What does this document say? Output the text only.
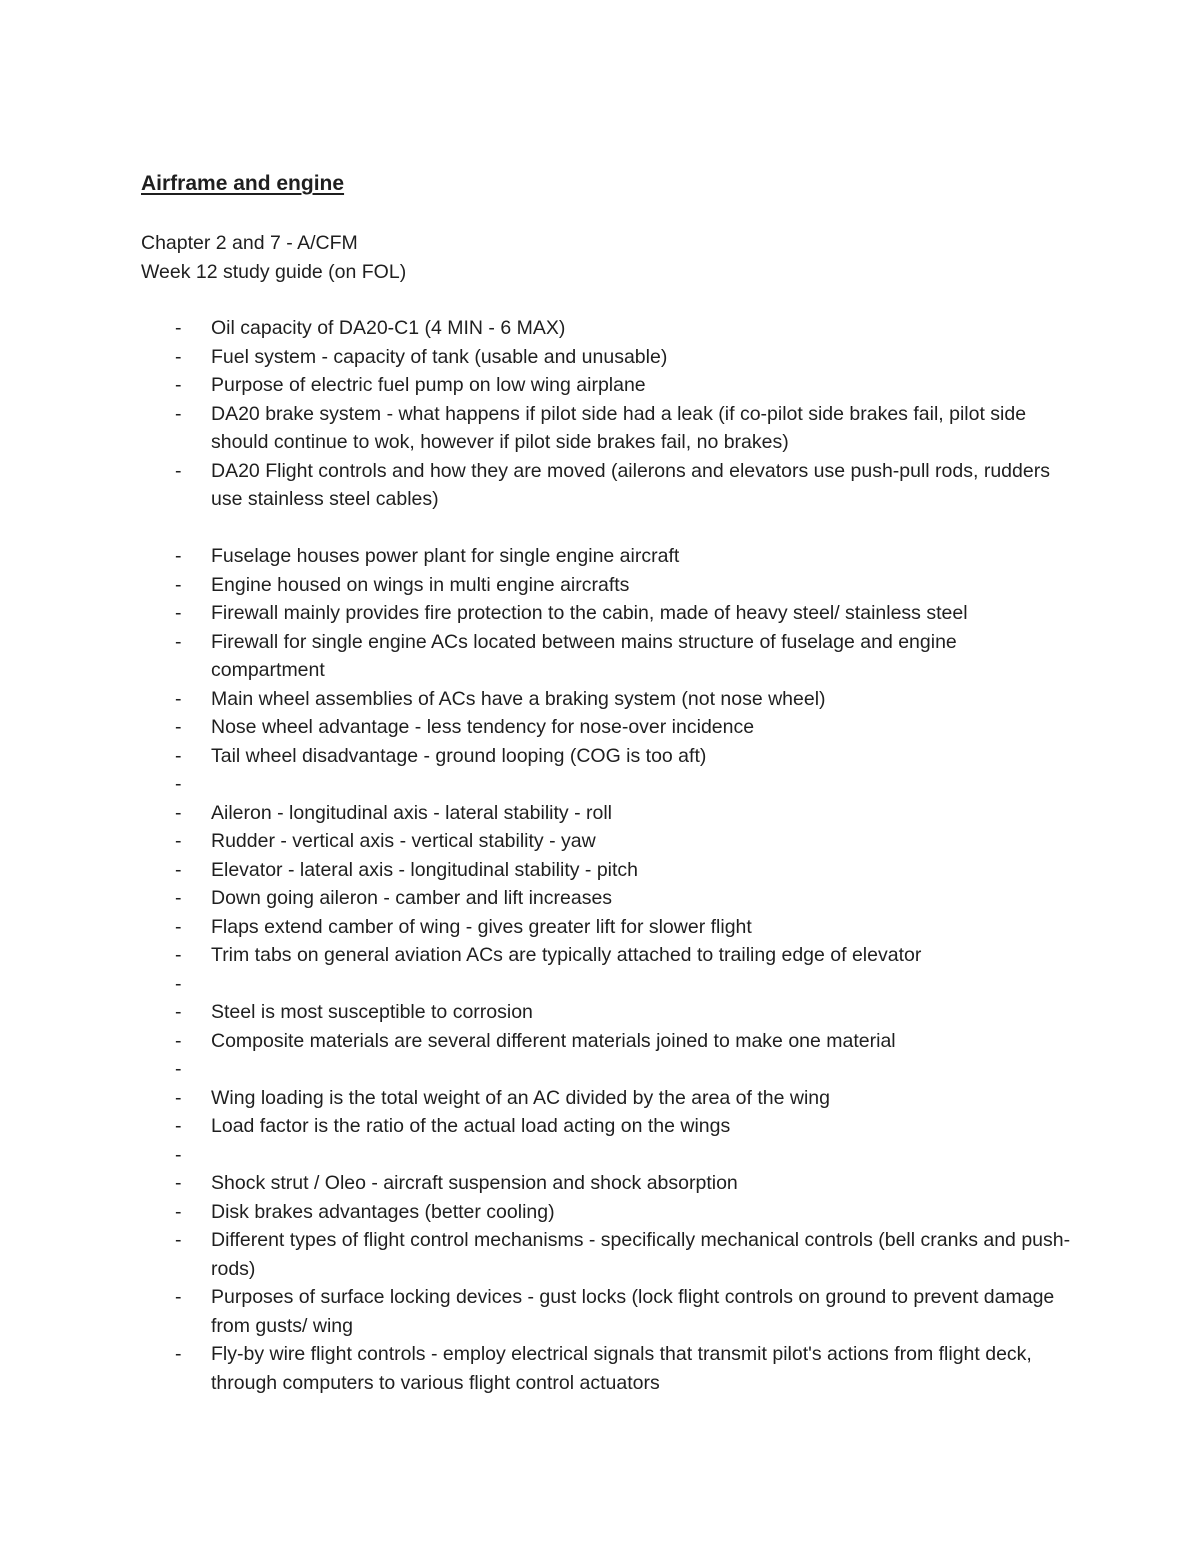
Airframe and engine
Chapter 2 and 7 - A/CFM
Week 12 study guide (on FOL)
- Oil capacity of DA20-C1 (4 MIN - 6 MAX)
- Fuel system - capacity of tank (usable and unusable)
- Purpose of electric fuel pump on low wing airplane
- DA20 brake system - what happens if pilot side had a leak (if co-pilot side brakes fail, pilot side should continue to wok, however if pilot side brakes fail, no brakes)
- DA20 Flight controls and how they are moved (ailerons and elevators use push-pull rods, rudders use stainless steel cables)
- Fuselage houses power plant for single engine aircraft
- Engine housed on wings in multi engine aircrafts
- Firewall mainly provides fire protection to the cabin, made of heavy steel/ stainless steel
- Firewall for single engine ACs located between mains structure of fuselage and engine compartment
- Main wheel assemblies of ACs have a braking system (not nose wheel)
- Nose wheel advantage - less tendency for nose-over incidence
- Tail wheel disadvantage - ground looping (COG is too aft)
-
- Aileron - longitudinal axis - lateral stability - roll
- Rudder - vertical axis - vertical stability - yaw
- Elevator - lateral axis - longitudinal stability - pitch
- Down going aileron - camber and lift increases
- Flaps extend camber of wing - gives greater lift for slower flight
- Trim tabs on general aviation ACs are typically attached to trailing edge of elevator
-
- Steel is most susceptible to corrosion
- Composite materials are several different materials joined to make one material
-
- Wing loading is the total weight of an AC divided by the area of the wing
- Load factor is the ratio of the actual load acting on the wings
-
- Shock strut / Oleo - aircraft suspension and shock absorption
- Disk brakes advantages (better cooling)
- Different types of flight control mechanisms - specifically mechanical controls (bell cranks and push-rods)
- Purposes of surface locking devices - gust locks (lock flight controls on ground to prevent damage from gusts/ wing
- Fly-by wire flight controls - employ electrical signals that transmit pilot's actions from flight deck, through computers to various flight control actuators
